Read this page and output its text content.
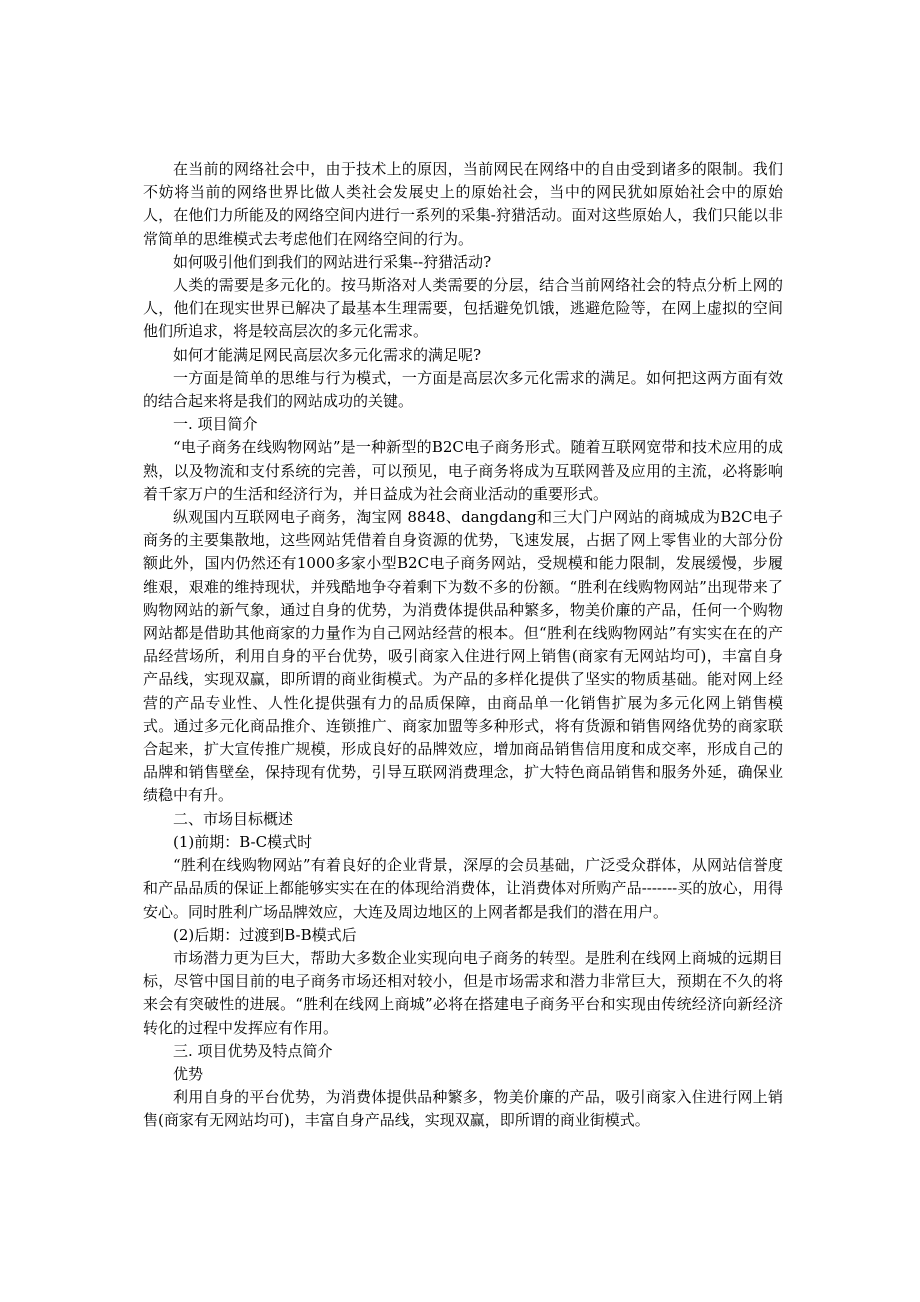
在当前的网络社会中，由于技术上的原因，当前网民在网络中的自由受到诸多的限制。我们不妨将当前的网络世界比做人类社会发展史上的原始社会，当中的网民犹如原始社会中的原始人，在他们力所能及的网络空间内进行一系列的采集-狩猎活动。面对这些原始人，我们只能以非常简单的思维模式去考虑他们在网络空间的行为。

如何吸引他们到我们的网站进行采集--狩猎活动?

人类的需要是多元化的。按马斯洛对人类需要的分层，结合当前网络社会的特点分析上网的人，他们在现实世界已解决了最基本生理需要，包括避免饥饿，逃避危险等，在网上虚拟的空间他们所追求，将是较高层次的多元化需求。

如何才能满足网民高层次多元化需求的满足呢?

一方面是简单的思维与行为模式，一方面是高层次多元化需求的满足。如何把这两方面有效的结合起来将是我们的网站成功的关键。

一. 项目简介

“电子商务在线购物网站”是一种新型的B2C电子商务形式。随着互联网宽带和技术应用的成熟，以及物流和支付系统的完善，可以预见，电子商务将成为互联网普及应用的主流，必将影响着千家万户的生活和经济行为，并日益成为社会商业活动的重要形式。

纵观国内互联网电子商务，淘宝网 8848、dangdang和三大门户网站的商城成为B2C电子商务的主要集散地，这些网站凭借着自身资源的优势，飞速发展，占据了网上零售业的大部分份额此外，国内仍然还有1000多家小型B2C电子商务网站，受规模和能力限制，发展缓慢，步履维艰，艰难的维持现状，并残酷地争夺着剩下为数不多的份额。“胜利在线购物网站”出现带来了购物网站的新气象，通过自身的优势，为消费体提供品种繁多，物美价廉的产品，任何一个购物网站都是借助其他商家的力量作为自己网站经营的根本。但“胜利在线购物网站”有实实在在的产品经营场所，利用自身的平台优势，吸引商家入住进行网上销售(商家有无网站均可)，丰富自身产品线，实现双赢，即所谓的商业街模式。为产品的多样化提供了坚实的物质基础。能对网上经营的产品专业性、人性化提供强有力的品质保障，由商品单一化销售扩展为多元化网上销售模式。通过多元化商品推介、连锁推广、商家加盟等多种形式，将有货源和销售网络优势的商家联合起来，扩大宣传推广规模，形成良好的品牌效应，增加商品销售信用度和成交率，形成自己的品牌和销售壁垒，保持现有优势，引导互联网消费理念，扩大特色商品销售和服务外延，确保业绩稳中有升。

二、市场目标概述

(1)前期：B-C模式时

“胜利在线购物网站”有着良好的企业背景，深厚的会员基础，广泛受众群体，从网站信誉度和产品品质的保证上都能够实实在在的体现给消费体，让消费体对所购产品-------买的放心，用得安心。同时胜利广场品牌效应，大连及周边地区的上网者都是我们的潜在用户。

(2)后期：过渡到B-B模式后

市场潜力更为巨大，帮助大多数企业实现向电子商务的转型。是胜利在线网上商城的远期目标，尽管中国目前的电子商务市场还相对较小，但是市场需求和潜力非常巨大，预期在不久的将来会有突破性的进展。“胜利在线网上商城”必将在搭建电子商务平台和实现由传统经济向新经济转化的过程中发挥应有作用。

三. 项目优势及特点简介

优势

利用自身的平台优势，为消费体提供品种繁多，物美价廉的产品，吸引商家入住进行网上销售(商家有无网站均可)，丰富自身产品线，实现双赢，即所谓的商业街模式。
